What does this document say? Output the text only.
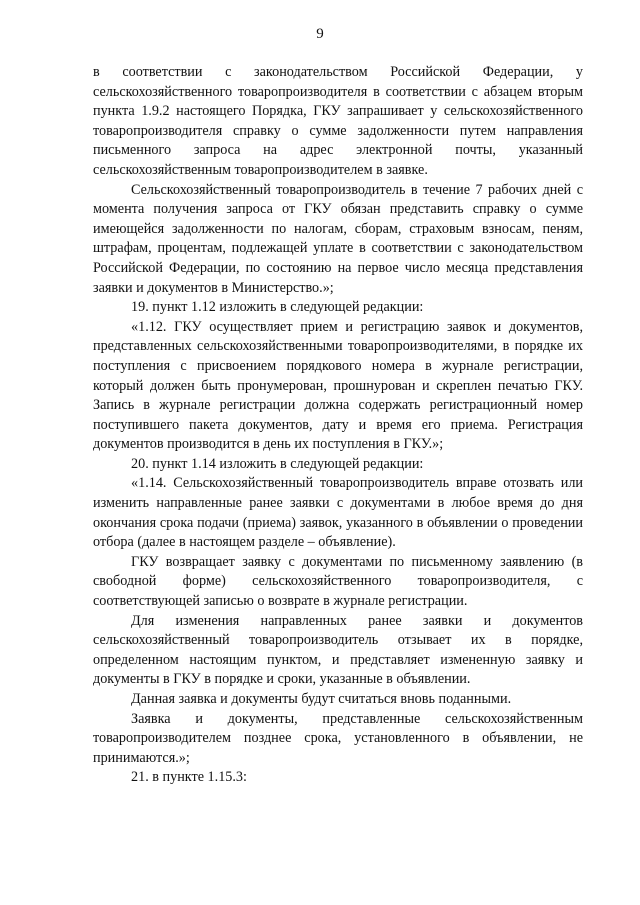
9

в соответствии с законодательством Российской Федерации, у сельскохозяйственного товаропроизводителя в соответствии с абзацем вторым пункта 1.9.2 настоящего Порядка, ГКУ запрашивает у сельскохозяйственного товаропроизводителя справку о сумме задолженности путем направления письменного запроса на адрес электронной почты, указанный сельскохозяйственным товаропроизводителем в заявке.

Сельскохозяйственный товаропроизводитель в течение 7 рабочих дней с момента получения запроса от ГКУ обязан представить справку о сумме имеющейся задолженности по налогам, сборам, страховым взносам, пеням, штрафам, процентам, подлежащей уплате в соответствии с законодательством Российской Федерации, по состоянию на первое число месяца представления заявки и документов в Министерство.»;

19. пункт 1.12 изложить в следующей редакции:

«1.12. ГКУ осуществляет прием и регистрацию заявок и документов, представленных сельскохозяйственными товаропроизводителями, в порядке их поступления с присвоением порядкового номера в журнале регистрации, который должен быть пронумерован, прошнурован и скреплен печатью ГКУ. Запись в журнале регистрации должна содержать регистрационный номер поступившего пакета документов, дату и время его приема. Регистрация документов производится в день их поступления в ГКУ.»;

20. пункт 1.14 изложить в следующей редакции:

«1.14. Сельскохозяйственный товаропроизводитель вправе отозвать или изменить направленные ранее заявки с документами в любое время до дня окончания срока подачи (приема) заявок, указанного в объявлении о проведении отбора (далее в настоящем разделе – объявление).

ГКУ возвращает заявку с документами по письменному заявлению (в свободной форме) сельскохозяйственного товаропроизводителя, с соответствующей записью о возврате в журнале регистрации.

Для изменения направленных ранее заявки и документов сельскохозяйственный товаропроизводитель отзывает их в порядке, определенном настоящим пунктом, и представляет измененную заявку и документы в ГКУ в порядке и сроки, указанные в объявлении.

Данная заявка и документы будут считаться вновь поданными.

Заявка и документы, представленные сельскохозяйственным товаропроизводителем позднее срока, установленного в объявлении, не принимаются.»;

21. в пункте 1.15.3:
